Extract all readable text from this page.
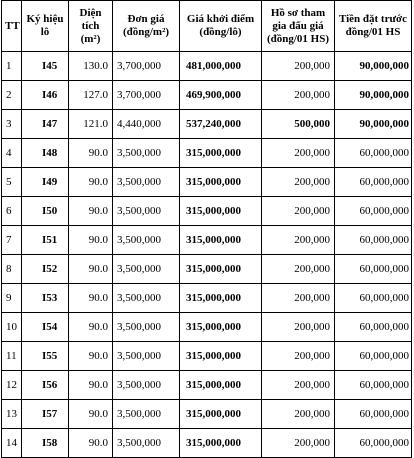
TT	Ký hiệu lô	Diện tích (m²)	Đơn giá (đồng/m²)	Giá khởi điểm (đồng/lô)	Hồ sơ tham gia đấu giá (đồng/01 HS)	Tiền đặt trước đồng/01 HS
1	I45	130.0	3,700,000	481,000,000	200,000	90,000,000
2	I46	127.0	3,700,000	469,900,000	200,000	90,000,000
3	I47	121.0	4,440,000	537,240,000	500,000	90,000,000
4	I48	90.0	3,500,000	315,000,000	200,000	60,000,000
5	I49	90.0	3,500,000	315,000,000	200,000	60,000,000
6	I50	90.0	3,500,000	315,000,000	200,000	60,000,000
7	I51	90.0	3,500,000	315,000,000	200,000	60,000,000
8	I52	90.0	3,500,000	315,000,000	200,000	60,000,000
9	I53	90.0	3,500,000	315,000,000	200,000	60,000,000
10	I54	90.0	3,500,000	315,000,000	200,000	60,000,000
11	I55	90.0	3,500,000	315,000,000	200,000	60,000,000
12	I56	90.0	3,500,000	315,000,000	200,000	60,000,000
13	I57	90.0	3,500,000	315,000,000	200,000	60,000,000
14	I58	90.0	3,500,000	315,000,000	200,000	60,000,000
